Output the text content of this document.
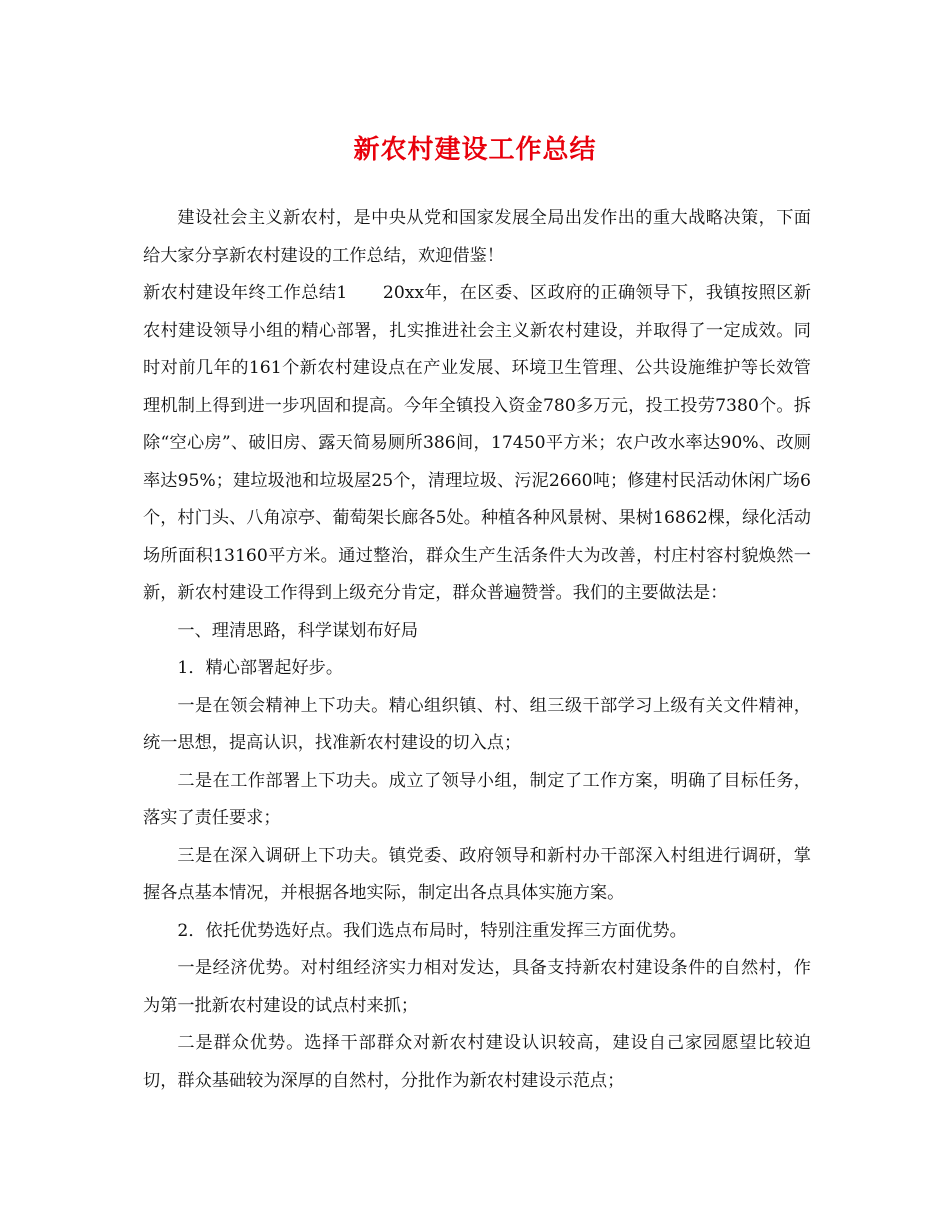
新农村建设工作总结

建设社会主义新农村，是中央从党和国家发展全局出发作出的重大战略决策，下面给大家分享新农村建设的工作总结，欢迎借鉴！

新农村建设年终工作总结1　　20xx年，在区委、区政府的正确领导下，我镇按照区新农村建设领导小组的精心部署，扎实推进社会主义新农村建设，并取得了一定成效。同时对前几年的161个新农村建设点在产业发展、环境卫生管理、公共设施维护等长效管理机制上得到进一步巩固和提高。今年全镇投入资金780多万元，投工投劳7380个。拆除“空心房”、破旧房、露天简易厕所386间，17450平方米；农户改水率达90%、改厕率达95%；建垃圾池和垃圾屋25个，清理垃圾、污泥2660吨；修建村民活动休闲广场6个，村门头、八角凉亭、葡萄架长廊各5处。种植各种风景树、果树16862棵，绿化活动场所面积13160平方米。通过整治，群众生产生活条件大为改善，村庄村容村貌焕然一新，新农村建设工作得到上级充分肯定，群众普遍赞誉。我们的主要做法是：

一、理清思路，科学谋划布好局

1．精心部署起好步。

一是在领会精神上下功夫。精心组织镇、村、组三级干部学习上级有关文件精神，统一思想，提高认识，找准新农村建设的切入点；

二是在工作部署上下功夫。成立了领导小组，制定了工作方案，明确了目标任务，落实了责任要求；

三是在深入调研上下功夫。镇党委、政府领导和新村办干部深入村组进行调研，掌握各点基本情况，并根据各地实际，制定出各点具体实施方案。

2．依托优势选好点。我们选点布局时，特别注重发挥三方面优势。

一是经济优势。对村组经济实力相对发达，具备支持新农村建设条件的自然村，作为第一批新农村建设的试点村来抓；

二是群众优势。选择干部群众对新农村建设认识较高，建设自己家园愿望比较迫切，群众基础较为深厚的自然村，分批作为新农村建设示范点；
